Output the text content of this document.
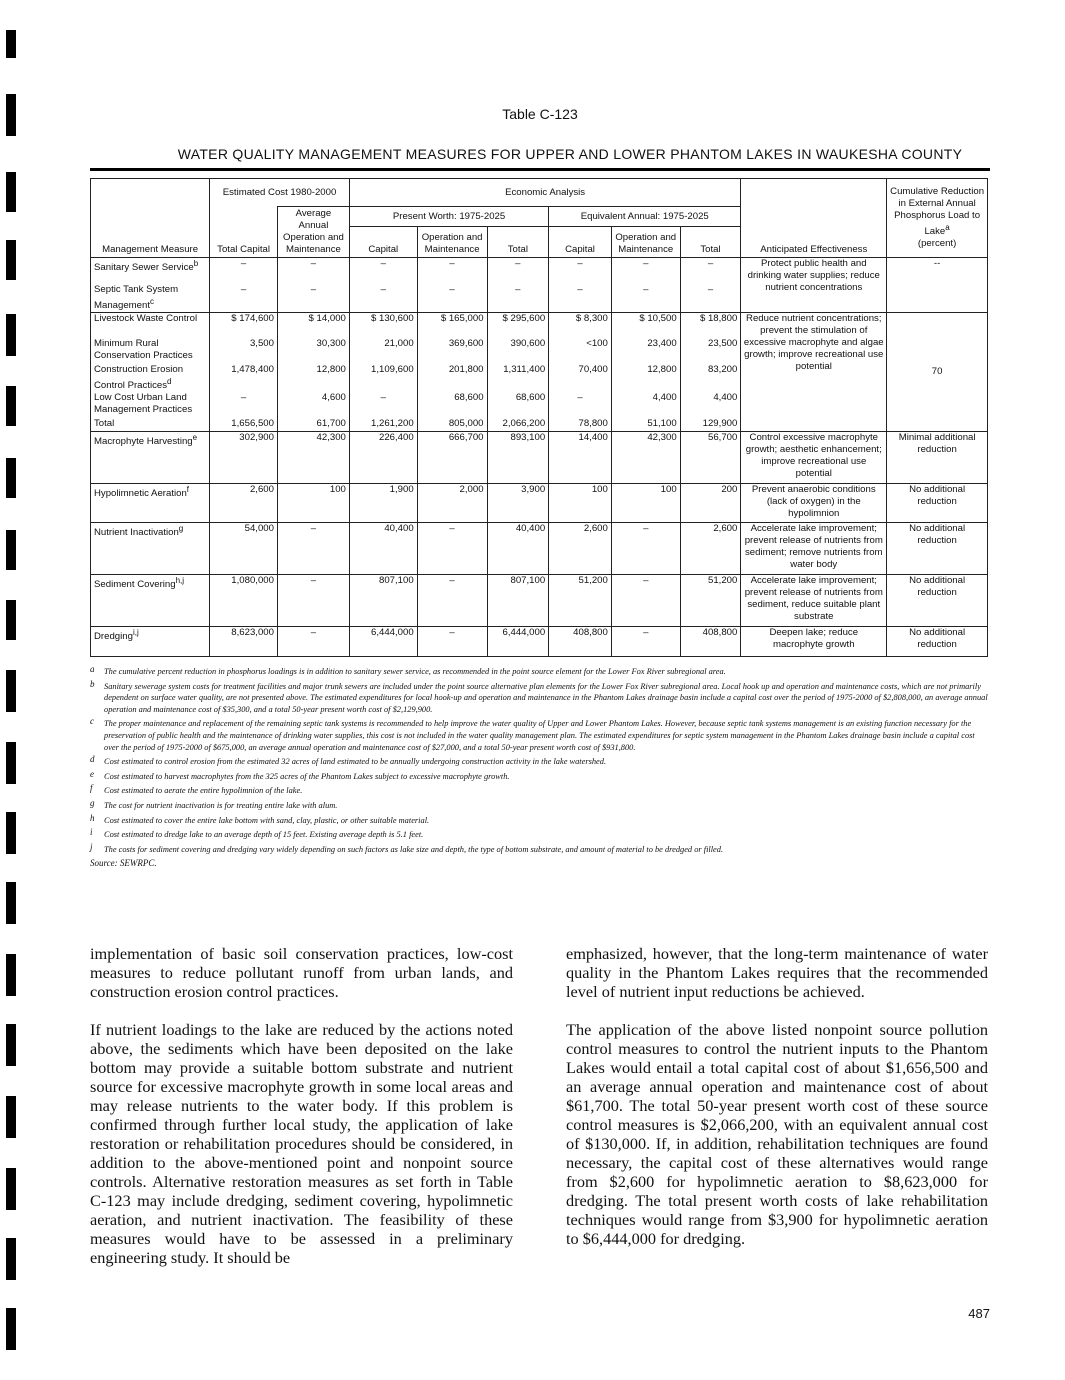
Table C-123
WATER QUALITY MANAGEMENT MEASURES FOR UPPER AND LOWER PHANTOM LAKES IN WAUKESHA COUNTY
Management Measure	Estimated Cost 1980-2000		Economic Analysis						Anticipated Effectiveness	Cumulative Reduction in External Annual Phosphorus Load to Lake$^a$
(percent)
	Total Capital	Average Annual Operation and Maintenance	Present Worth: 1975-2025			Equivalent Annual: 1975-2025				
			Capital	Operation and Maintenance	Total	Capital	Operation and Maintenance	Total		
Sanitary Sewer Service$^b$	–	–	–	–	–	–	–	–	Protect public health and drinking water supplies; reduce nutrient concentrations	--
Septic Tank System Management$^c$	–	–	–	–	–	–	–	–		
Livestock Waste Control	$ 174,600	$ 14,000	$ 130,600	$ 165,000	$ 295,600	$ 8,300	$ 10,500	$ 18,800	Reduce nutrient concentrations; prevent the stimulation of excessive macrophyte and algae growth; improve recreational use potential	70
Minimum Rural Conservation Practices	3,500	30,300	21,000	369,600	390,600	<100	23,400	23,500		
Construction Erosion Control Practices$^d$	1,478,400	12,800	1,109,600	201,800	1,311,400	70,400	12,800	83,200		
Low Cost Urban Land Management Practices	–	4,600	–	68,600	68,600	–	4,400	4,400		
Total	1,656,500	61,700	1,261,200	805,000	2,066,200	78,800	51,100	129,900		
Macrophyte Harvesting$^e$	302,900	42,300	226,400	666,700	893,100	14,400	42,300	56,700	Control excessive macrophyte growth; aesthetic enhancement; improve recreational use potential	Minimal additional reduction
Hypolimnetic Aeration$^f$	2,600	100	1,900	2,000	3,900	100	100	200	Prevent anaerobic conditions (lack of oxygen) in the hypolimnion	No additional reduction
Nutrient Inactivation$^g$	54,000	–	40,400	–	40,400	2,600	–	2,600	Accelerate lake improvement; prevent release of nutrients from sediment; remove nutrients from water body	No additional reduction
Sediment Covering$^{h,j}$	1,080,000	–	807,100	–	807,100	51,200	–	51,200	Accelerate lake improvement; prevent release of nutrients from sediment, reduce suitable plant substrate	No additional reduction
Dredging$^{i,j}$	8,623,000	–	6,444,000	–	6,444,000	408,800	–	408,800	Deepen lake; reduce macrophyte growth	No additional reduction
a The cumulative percent reduction in phosphorus loadings is in addition to sanitary sewer service, as recommended in the point source element for the Lower Fox River subregional area.
b Sanitary sewerage system costs for treatment facilities and major trunk sewers are included under the point source alternative plan elements for the Lower Fox River subregional area. Local hook up and operation and maintenance costs, which are not primarily dependent on surface water quality, are not presented above. The estimated expenditures for local hook-up and operation and maintenance in the Phantom Lakes drainage basin include a capital cost over the period of 1975-2000 of $2,808,000, an average annual operation and maintenance cost of $35,300, and a total 50-year present worth cost of $2,129,900.
c The proper maintenance and replacement of the remaining septic tank systems is recommended to help improve the water quality of Upper and Lower Phantom Lakes. However, because septic tank systems management is an existing function necessary for the preservation of public health and the maintenance of drinking water supplies, this cost is not included in the water quality management plan. The estimated expenditures for septic system management in the Phantom Lakes drainage basin include a capital cost over the period of 1975-2000 of $675,000, an average annual operation and maintenance cost of $27,000, and a total 50-year present worth cost of $931,800.
d Cost estimated to control erosion from the estimated 32 acres of land estimated to be annually undergoing construction activity in the lake watershed.
e Cost estimated to harvest macrophytes from the 325 acres of the Phantom Lakes subject to excessive macrophyte growth.
f Cost estimated to aerate the entire hypolimnion of the lake.
g The cost for nutrient inactivation is for treating entire lake with alum.
h Cost estimated to cover the entire lake bottom with sand, clay, plastic, or other suitable material.
i Cost estimated to dredge lake to an average depth of 15 feet. Existing average depth is 5.1 feet.
j The costs for sediment covering and dredging vary widely depending on such factors as lake size and depth, the type of bottom substrate, and amount of material to be dredged or filled.
Source: SEWRPC.

implementation of basic soil conservation practices, low-cost measures to reduce pollutant runoff from urban lands, and construction erosion control practices.

If nutrient loadings to the lake are reduced by the actions noted above, the sediments which have been deposited on the lake bottom may provide a suitable bottom substrate and nutrient source for excessive macrophyte growth in some local areas and may release nutrients to the water body. If this problem is confirmed through further local study, the application of lake restoration or rehabilitation procedures should be considered, in addition to the above-mentioned point and nonpoint source controls. Alternative restoration measures as set forth in Table C-123 may include dredging, sediment covering, hypolimnetic aeration, and nutrient inactivation. The feasibility of these measures would have to be assessed in a preliminary engineering study. It should be

emphasized, however, that the long-term maintenance of water quality in the Phantom Lakes requires that the recommended level of nutrient input reductions be achieved.

The application of the above listed nonpoint source pollution control measures to control the nutrient inputs to the Phantom Lakes would entail a total capital cost of about $1,656,500 and an average annual operation and maintenance cost of about $61,700. The total 50-year present worth cost of these source control measures is $2,066,200, with an equivalent annual cost of $130,000. If, in addition, rehabilitation techniques are found necessary, the capital cost of these alternatives would range from $2,600 for hypolimnetic aeration to $8,623,000 for dredging. The total present worth costs of lake rehabilitation techniques would range from $3,900 for hypolimnetic aeration to $6,444,000 for dredging.

487
